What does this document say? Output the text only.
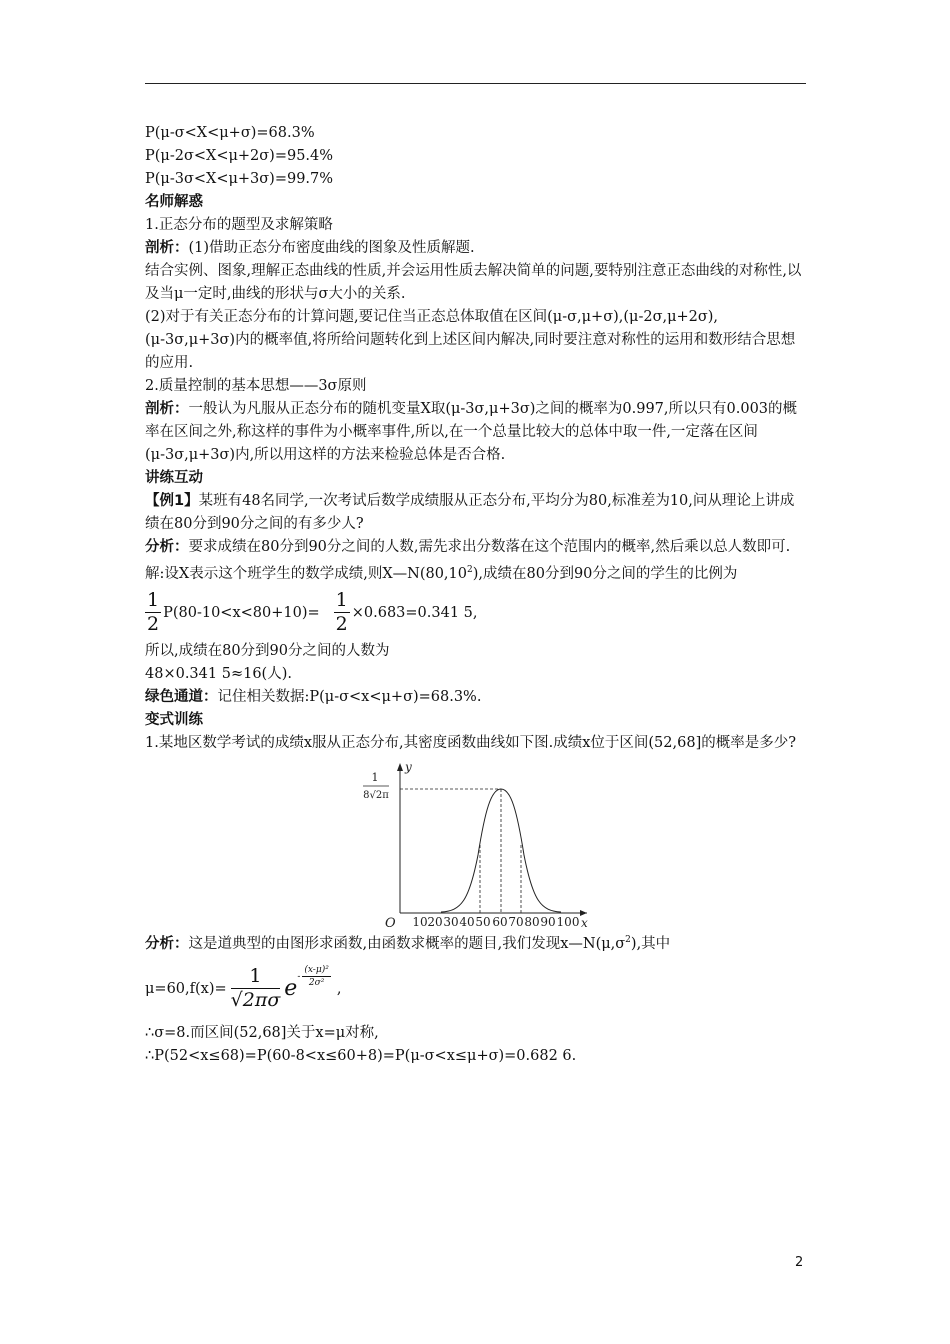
P(μ-σ<X<μ+σ)=68.3%
P(μ-2σ<X<μ+2σ)=95.4%
P(μ-3σ<X<μ+3σ)=99.7%
名师解惑
1.正态分布的题型及求解策略
剖析：(1)借助正态分布密度曲线的图象及性质解题.
结合实例、图象,理解正态曲线的性质,并会运用性质去解决简单的问题,要特别注意正态曲线的对称性,以及当μ一定时,曲线的形状与σ大小的关系.
(2)对于有关正态分布的计算问题,要记住当正态总体取值在区间(μ-σ,μ+σ),(μ-2σ,μ+2σ),(μ-3σ,μ+3σ)内的概率值,将所给问题转化到上述区间内解决,同时要注意对称性的运用和数形结合思想的应用.
2.质量控制的基本思想——3σ原则
剖析：一般认为凡服从正态分布的随机变量X取(μ-3σ,μ+3σ)之间的概率为0.997,所以只有0.003的概率在区间之外,称这样的事件为小概率事件,所以,在一个总量比较大的总体中取一件,一定落在区间(μ-3σ,μ+3σ)内,所以用这样的方法来检验总体是否合格.
讲练互动
【例1】某班有48名同学,一次考试后数学成绩服从正态分布,平均分为80,标准差为10,问从理论上讲成绩在80分到90分之间的有多少人?
分析：要求成绩在80分到90分之间的人数,需先求出分数落在这个范围内的概率,然后乘以总人数即可.
解:设X表示这个班学生的数学成绩,则X—N(80,10$^2$),成绩在80分到90分之间的学生的比例为
$\frac{1}{2} P(80-10<x<80+10)= \frac{1}{2} \times 0.683=0.341$ 5,
所以,成绩在80分到90分之间的人数为
48×0.341 5≈16(人).
绿色通道：记住相关数据:P(μ-σ<x<μ+σ)=68.3%.
变式训练
1.某地区数学考试的成绩x服从正态分布,其密度函数曲线如下图.成绩x位于区间(52,68]的概率是多少?
y
x
O
1
8√2π
10 20 30 40 50 60 70 80 90 100
分析：这是道典型的由图形求函数,由函数求概率的题目,我们发现$x—N(\mu,\sigma^2)$,其中
$\mu=60,f(x)= \frac{1}{√2\pi\sigma}$ e - $\frac{\text{(x-μ)²}}{\text{2σ²}}$
,
∴σ=8.而区间(52,68]关于x=μ对称,
∴P(52<x≤68)=P(60-8<x≤60+8)=P(μ-σ<x≤μ+σ)=0.682 6.
2
